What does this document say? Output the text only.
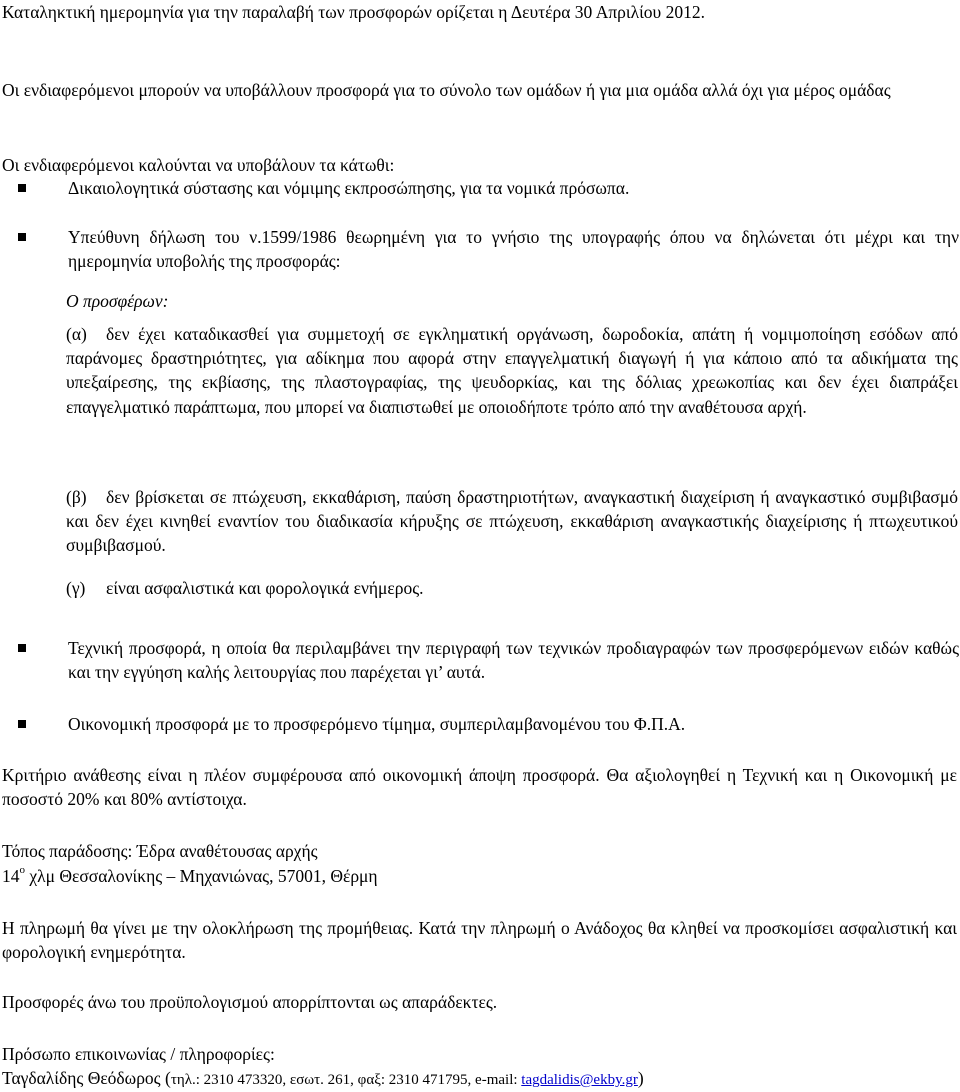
Καταληκτική ημερομηνία για την παραλαβή των προσφορών ορίζεται η Δευτέρα 30 Απριλίου 2012.

Οι ενδιαφερόμενοι μπορούν να υποβάλλουν προσφορά για το σύνολο των ομάδων ή για μια ομάδα αλλά όχι για μέρος ομάδας

Οι ενδιαφερόμενοι καλούνται να υποβάλουν τα κάτωθι:

Δικαιολογητικά σύστασης και νόμιμης εκπροσώπησης, για τα νομικά πρόσωπα.

Υπεύθυνη δήλωση του ν.1599/1986 θεωρημένη για το γνήσιο της υπογραφής όπου να δηλώνεται ότι μέχρι και την ημερομηνία υποβολής της προσφοράς:

Ο προσφέρων:

(α) δεν έχει καταδικασθεί για συμμετοχή σε εγκληματική οργάνωση, δωροδοκία, απάτη ή νομιμοποίηση εσόδων από παράνομες δραστηριότητες, για αδίκημα που αφορά στην επαγγελματική διαγωγή ή για κάποιο από τα αδικήματα της υπεξαίρεσης, της εκβίασης, της πλαστογραφίας, της ψευδορκίας, και της δόλιας χρεωκοπίας και δεν έχει διαπράξει επαγγελματικό παράπτωμα, που μπορεί να διαπιστωθεί με οποιοδήποτε τρόπο από την αναθέτουσα αρχή.

(β) δεν βρίσκεται σε πτώχευση, εκκαθάριση, παύση δραστηριοτήτων, αναγκαστική διαχείριση ή αναγκαστικό συμβιβασμό και δεν έχει κινηθεί εναντίον του διαδικασία κήρυξης σε πτώχευση, εκκαθάριση αναγκαστικής διαχείρισης ή πτωχευτικού συμβιβασμού.

(γ) είναι ασφαλιστικά και φορολογικά ενήμερος.

Τεχνική προσφορά, η οποία θα περιλαμβάνει την περιγραφή των τεχνικών προδιαγραφών των προσφερόμενων ειδών καθώς και την εγγύηση καλής λειτουργίας που παρέχεται γι’ αυτά.

Οικονομική προσφορά με το προσφερόμενο τίμημα, συμπεριλαμβανομένου του Φ.Π.Α.

Κριτήριο ανάθεσης είναι η πλέον συμφέρουσα από οικονομική άποψη προσφορά. Θα αξιολογηθεί η Τεχνική και η Οικονομική με ποσοστό 20% και 80% αντίστοιχα.

Τόπος παράδοσης: Έδρα αναθέτουσας αρχής

$14^o$ χλμ Θεσσαλονίκης – Μηχανιώνας, 57001, Θέρμη

Η πληρωμή θα γίνει με την ολοκλήρωση της προμήθειας. Κατά την πληρωμή ο Ανάδοχος θα κληθεί να προσκομίσει ασφαλιστική και φορολογική ενημερότητα.

Προσφορές άνω του προϋπολογισμού απορρίπτονται ως απαράδεκτες.

Πρόσωπο επικοινωνίας / πληροφορίες:

Ταγδαλίδης Θεόδωρος (τηλ.: 2310 473320, εσωτ. 261, φαξ: 2310 471795, e-mail: tagdalidis@ekby.gr)
